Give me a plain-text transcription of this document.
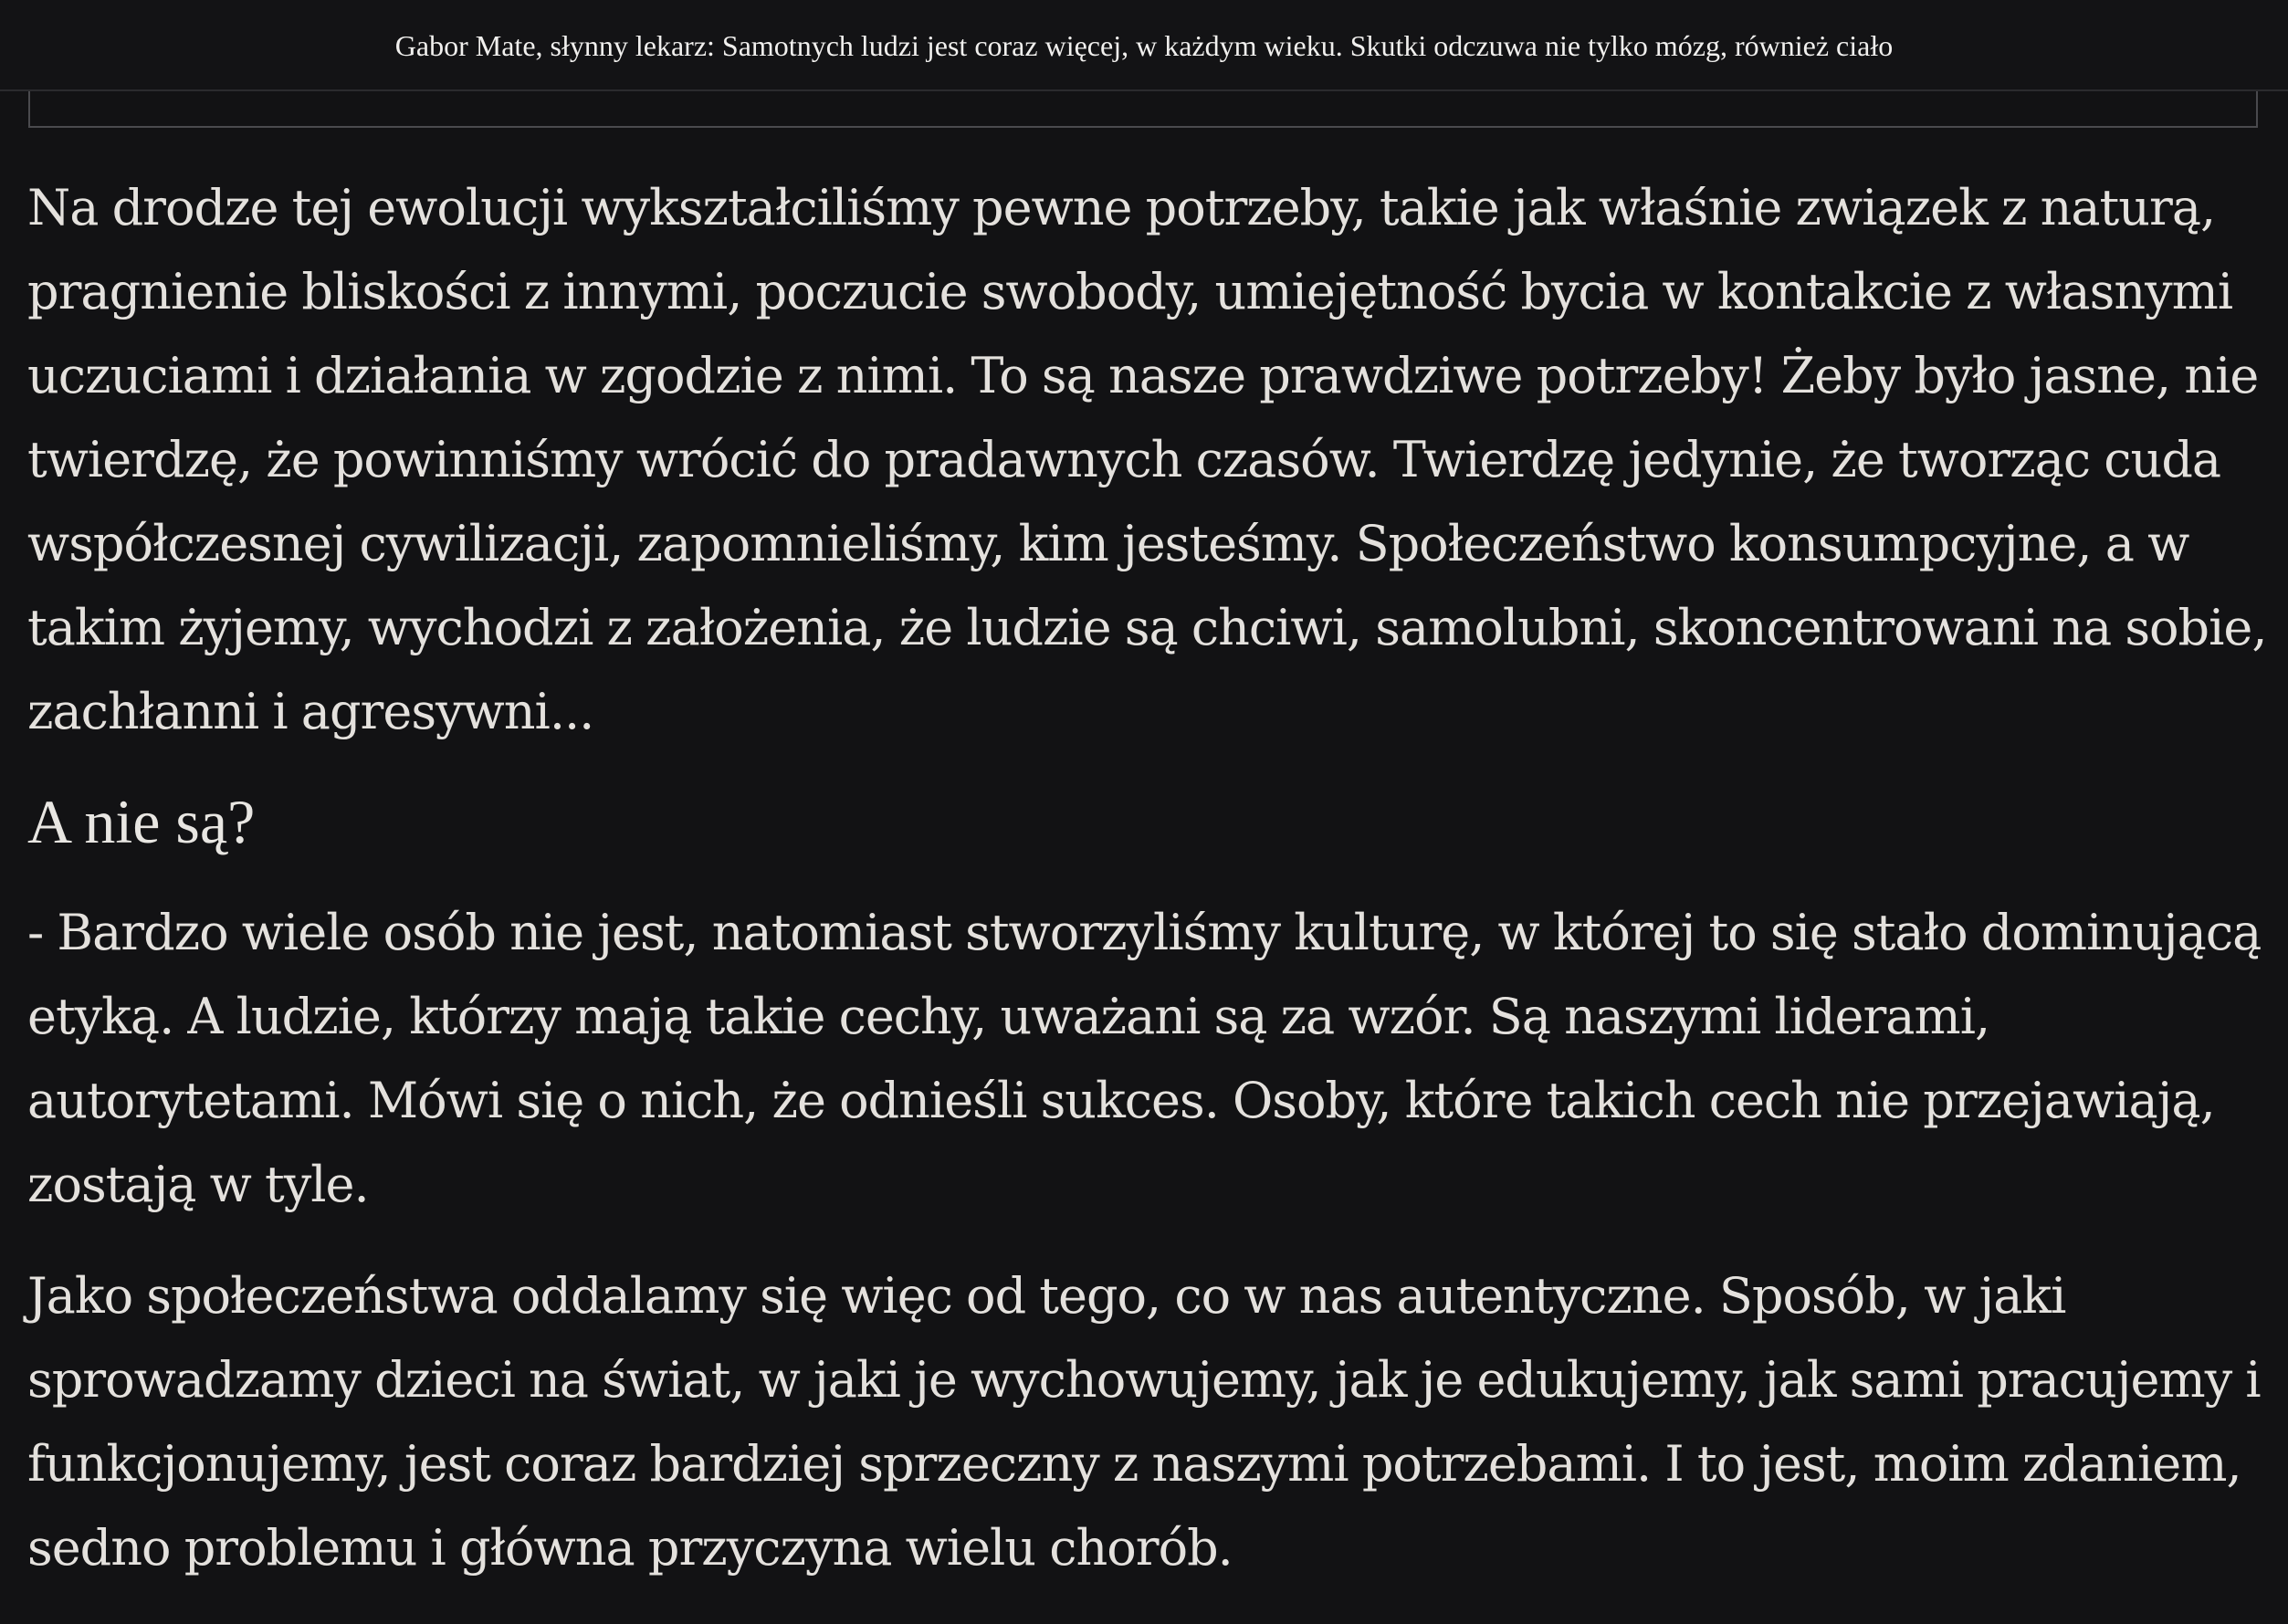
Gabor Mate, słynny lekarz: Samotnych ludzi jest coraz więcej, w każdym wieku. Skutki odczuwa nie tylko mózg, również ciało

Na drodze tej ewolucji wykształciliśmy pewne potrzeby, takie jak właśnie związek z naturą, pragnienie bliskości z innymi, poczucie swobody, umiejętność bycia w kontakcie z własnymi uczuciami i działania w zgodzie z nimi. To są nasze prawdziwe potrzeby! Żeby było jasne, nie twierdzę, że powinniśmy wrócić do pradawnych czasów. Twierdzę jedynie, że tworząc cuda współczesnej cywilizacji, zapomnieliśmy, kim jesteśmy. Społeczeństwo konsumpcyjne, a w takim żyjemy, wychodzi z założenia, że ludzie są chciwi, samolubni, skoncentrowani na sobie, zachłanni i agresywni...

A nie są?

- Bardzo wiele osób nie jest, natomiast stworzyliśmy kulturę, w której to się stało dominującą etyką. A ludzie, którzy mają takie cechy, uważani są za wzór. Są naszymi liderami, autorytetami. Mówi się o nich, że odnieśli sukces. Osoby, które takich cech nie przejawiają, zostają w tyle.

Jako społeczeństwa oddalamy się więc od tego, co w nas autentyczne. Sposób, w jaki sprowadzamy dzieci na świat, w jaki je wychowujemy, jak je edukujemy, jak sami pracujemy i funkcjonujemy, jest coraz bardziej sprzeczny z naszymi potrzebami. I to jest, moim zdaniem, sedno problemu i główna przyczyna wielu chorób.
